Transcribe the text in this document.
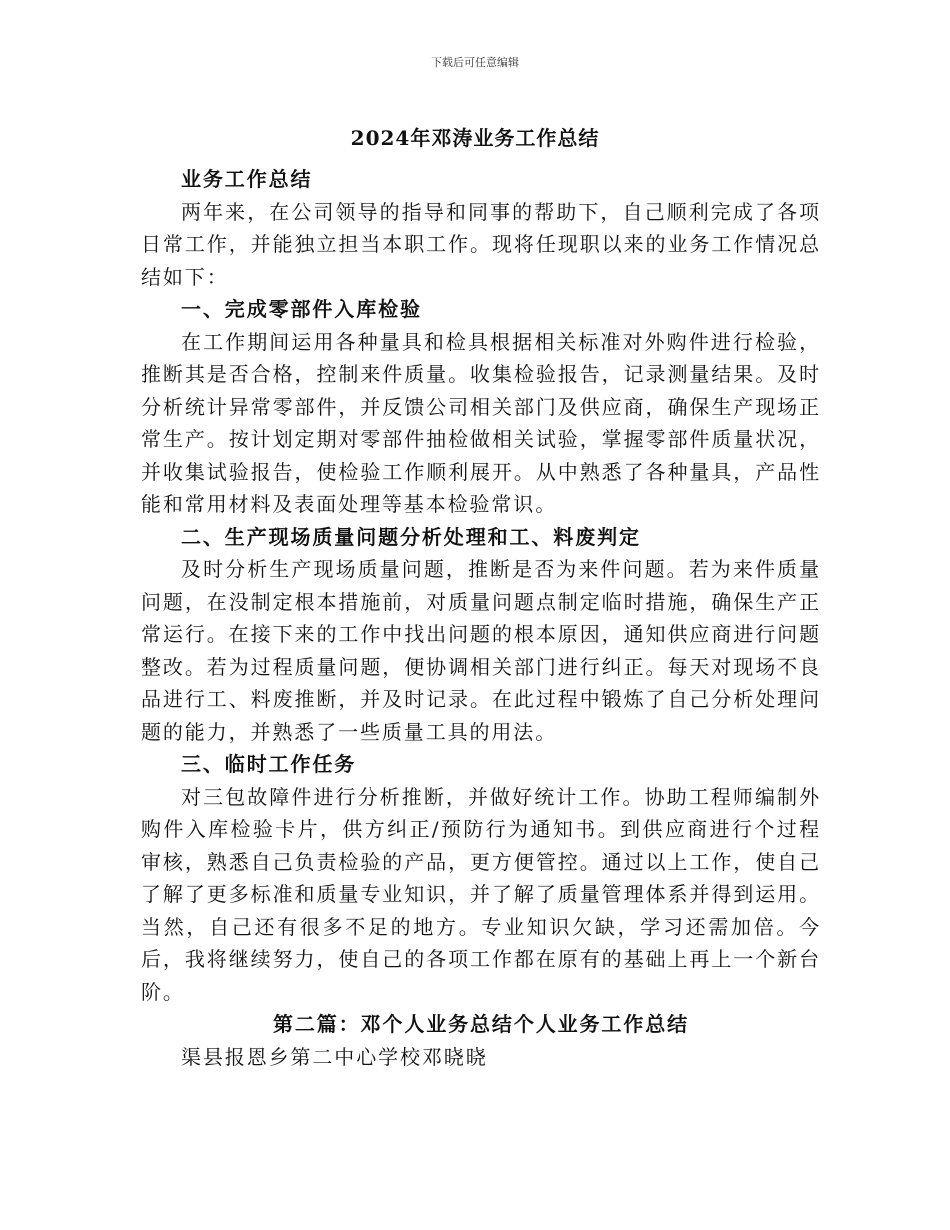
下载后可任意编辑
2024年邓涛业务工作总结

业务工作总结

两年来，在公司领导的指导和同事的帮助下，自己顺利完成了各项日常工作，并能独立担当本职工作。现将任现职以来的业务工作情况总结如下：

一、完成零部件入库检验

在工作期间运用各种量具和检具根据相关标准对外购件进行检验，推断其是否合格，控制来件质量。收集检验报告，记录测量结果。及时分析统计异常零部件，并反馈公司相关部门及供应商，确保生产现场正常生产。按计划定期对零部件抽检做相关试验，掌握零部件质量状况，并收集试验报告，使检验工作顺利展开。从中熟悉了各种量具，产品性能和常用材料及表面处理等基本检验常识。

二、生产现场质量问题分析处理和工、料废判定

及时分析生产现场质量问题，推断是否为来件问题。若为来件质量问题，在没制定根本措施前，对质量问题点制定临时措施，确保生产正常运行。在接下来的工作中找出问题的根本原因，通知供应商进行问题整改。若为过程质量问题，便协调相关部门进行纠正。每天对现场不良品进行工、料废推断，并及时记录。在此过程中锻炼了自己分析处理问题的能力，并熟悉了一些质量工具的用法。

三、临时工作任务

对三包故障件进行分析推断，并做好统计工作。协助工程师编制外购件入库检验卡片，供方纠正/预防行为通知书。到供应商进行个过程审核，熟悉自己负责检验的产品，更方便管控。通过以上工作，使自己了解了更多标准和质量专业知识，并了解了质量管理体系并得到运用。当然，自己还有很多不足的地方。专业知识欠缺，学习还需加倍。今后，我将继续努力，使自己的各项工作都在原有的基础上再上一个新台阶。

第二篇：邓个人业务总结个人业务工作总结

渠县报恩乡第二中心学校邓晓晓
